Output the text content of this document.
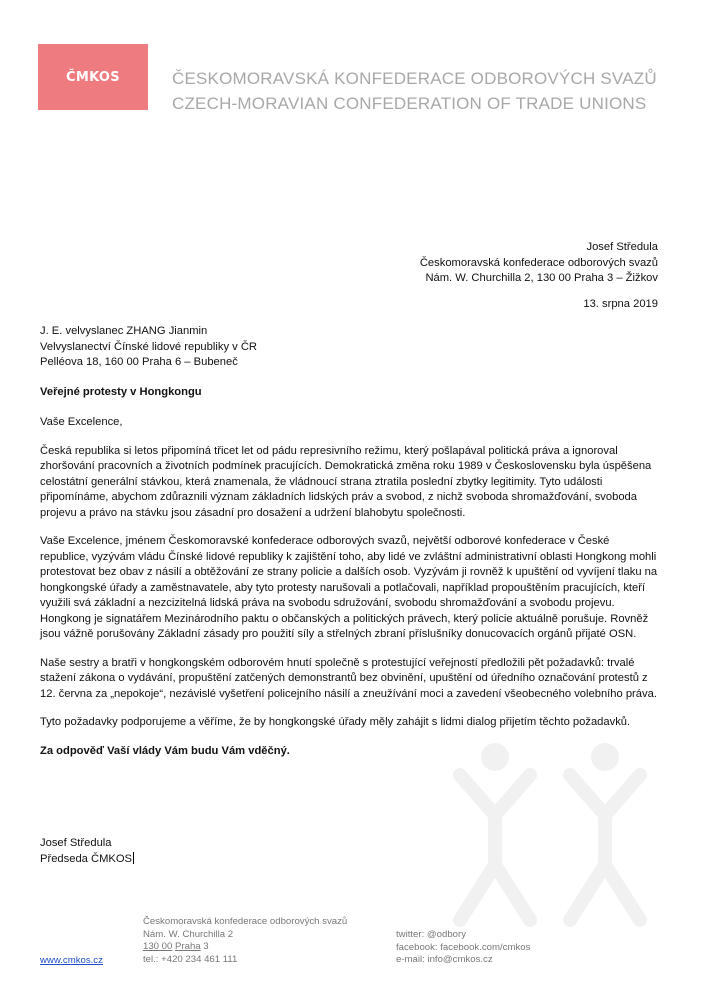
ČMKOS	ČESKOMORAVSKÁ KONFEDERACE ODBOROVÝCH SVAZŮ
CZECH-MORAVIAN CONFEDERATION OF TRADE UNIONS
Josef Středula
Českomoravská konfederace odborových svazů
Nám. W. Churchilla 2, 130 00 Praha 3 – Žižkov
13. srpna 2019
J. E. velvyslanec ZHANG Jianmin
Velvyslanectví Čínské lidové republiky v ČR
Pelléova 18, 160 00 Praha 6 – Bubeneč
Veřejné protesty v Hongkongu

Vaše Excelence,

Česká republika si letos připomíná třicet let od pádu represivního režimu, který pošlapával politická práva a ignoroval zhoršování pracovních a životních podmínek pracujících. Demokratická změna roku 1989 v Československu byla úspěšena celostátní generální stávkou, která znamenala, že vládnoucí strana ztratila poslední zbytky legitimity. Tyto události připomínáme, abychom zdůraznili význam základních lidských práv a svobod, z nichž svoboda shromažďování, svoboda projevu a právo na stávku jsou zásadní pro dosažení a udržení blahobytu společnosti.

Vaše Excelence, jménem Českomoravské konfederace odborových svazů, největší odborové konfederace v České republice, vyzývám vládu Čínské lidové republiky k zajištění toho, aby lidé ve zvláštní administrativní oblasti Hongkong mohli protestovat bez obav z násilí a obtěžování ze strany policie a dalších osob. Vyzývám ji rovněž k upuštění od vyvíjení tlaku na hongkongské úřady a zaměstnavatele, aby tyto protesty narušovali a potlačovali, například propouštěním pracujících, kteří využili svá základní a nezcizitelná lidská práva na svobodu sdružování, svobodu shromažďování a svobodu projevu. Hongkong je signatářem Mezinárodního paktu o občanských a politických právech, který policie aktuálně porušuje. Rovněž jsou vážně porušovány Základní zásady pro použití síly a střelných zbraní příslušníky donucovacích orgánů přijaté OSN.

Naše sestry a bratři v hongkongském odborovém hnutí společně s protestující veřejností předložili pět požadavků: trvalé stažení zákona o vydávání, propuštění zatčených demonstrantů bez obvinění, upuštění od úředního označování protestů z 12. června za „nepokoje“, nezávislé vyšetření policejního násilí a zneužívání moci a zavedení všeobecného volebního práva.

Tyto požadavky podporujeme a věříme, že by hongkongské úřady měly zahájit s lidmi dialog přijetím těchto požadavků.

Za odpověď Vaší vlády Vám budu Vám vděčný.

Josef Středula
Předseda ČMKOS
Českomoravská konfederace odborových svazů
Nám. W. Churchilla 2
130 00 Praha 3
tel.: +420 234 461 111
twitter: @odbory
facebook: facebook.com/cmkos
e-mail: info@cmkos.cz
www.cmkos.cz
